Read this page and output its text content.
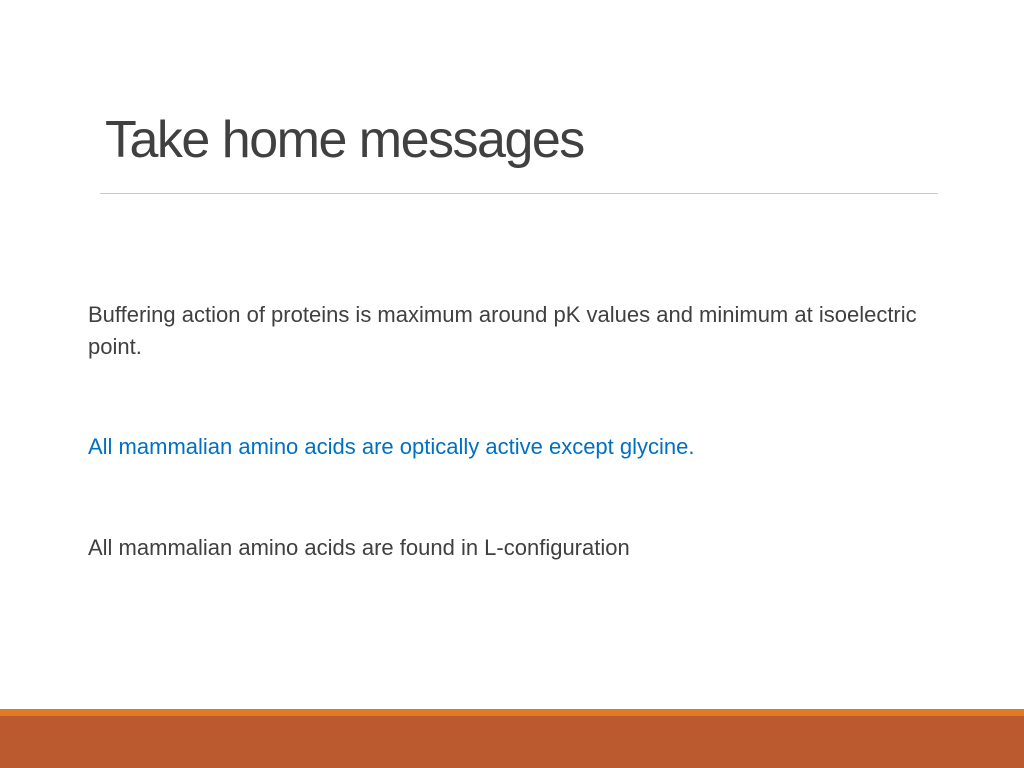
Take home messages
Buffering action of proteins is maximum around pK values and minimum at isoelectric point.
All mammalian amino acids are optically active except glycine.
All mammalian amino acids are found in L-configuration
